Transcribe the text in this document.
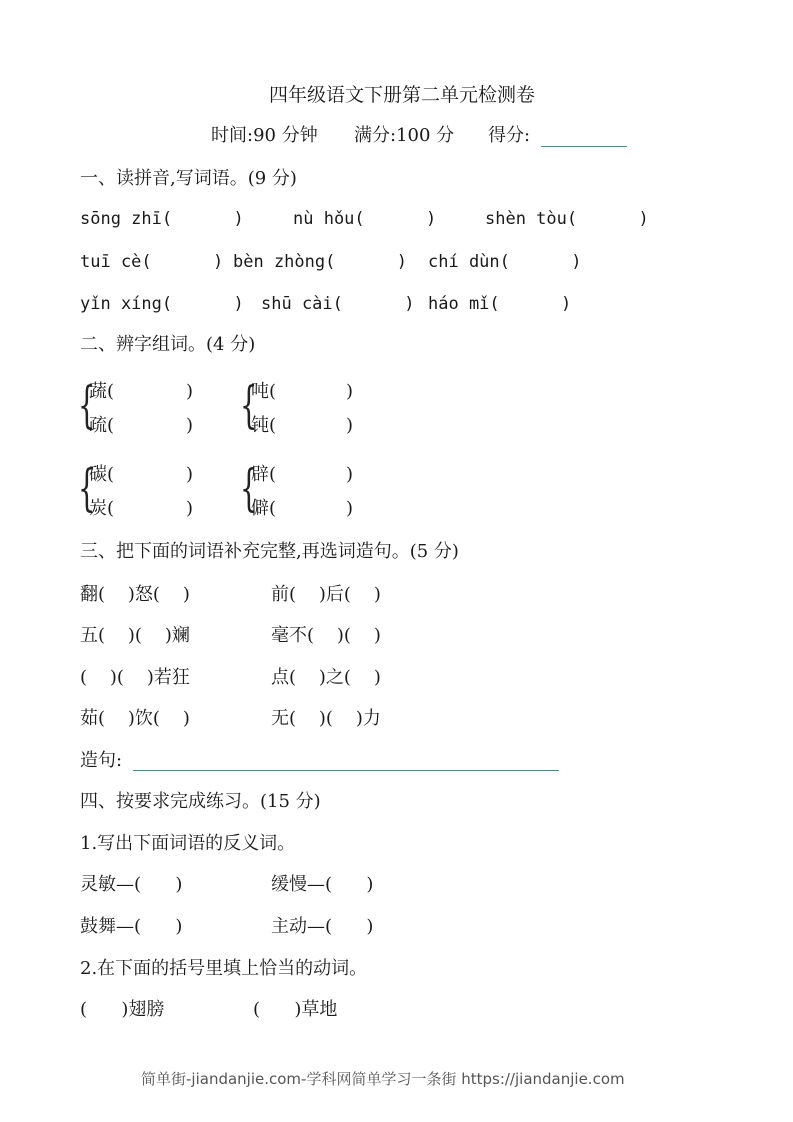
四年级语文下册第二单元检测卷
时间:90 分钟 满分:100 分 得分:
一、读拼音,写词语。(9 分)
sōng zhī(      )	nù hǒu(      )	shèn tòu(      )
tuī cè(      ) bèn zhòng(      ) chí dùn(      )
yǐn xíng(      ) shū cài(      ) háo mǐ(      )
二、辨字组词。(4 分)
{
蔬(	)
疏(	) {
吨(	)
钝(	)
{
碳(	)
炭(	) {
辟(	)
僻(	)
三、把下面的词语补充完整,再选词造句。(5 分)
翻(    )怒(    )	前(    )后(    )
五(    )(    )斓	毫不(    )(    )
(    )(    )若狂	点(    )之(    )
茹(    )饮(    )	无(    )(    )力
造句:
四、按要求完成练习。(15 分)
1.写出下面词语的反义词。
灵敏—(      )	缓慢—(      )
鼓舞—(      )	主动—(      )
2.在下面的括号里填上恰当的动词。
(      )翅膀	(      )草地
简单街-jiandanjie.com-学科网简单学习一条街 https://jiandanjie.com
